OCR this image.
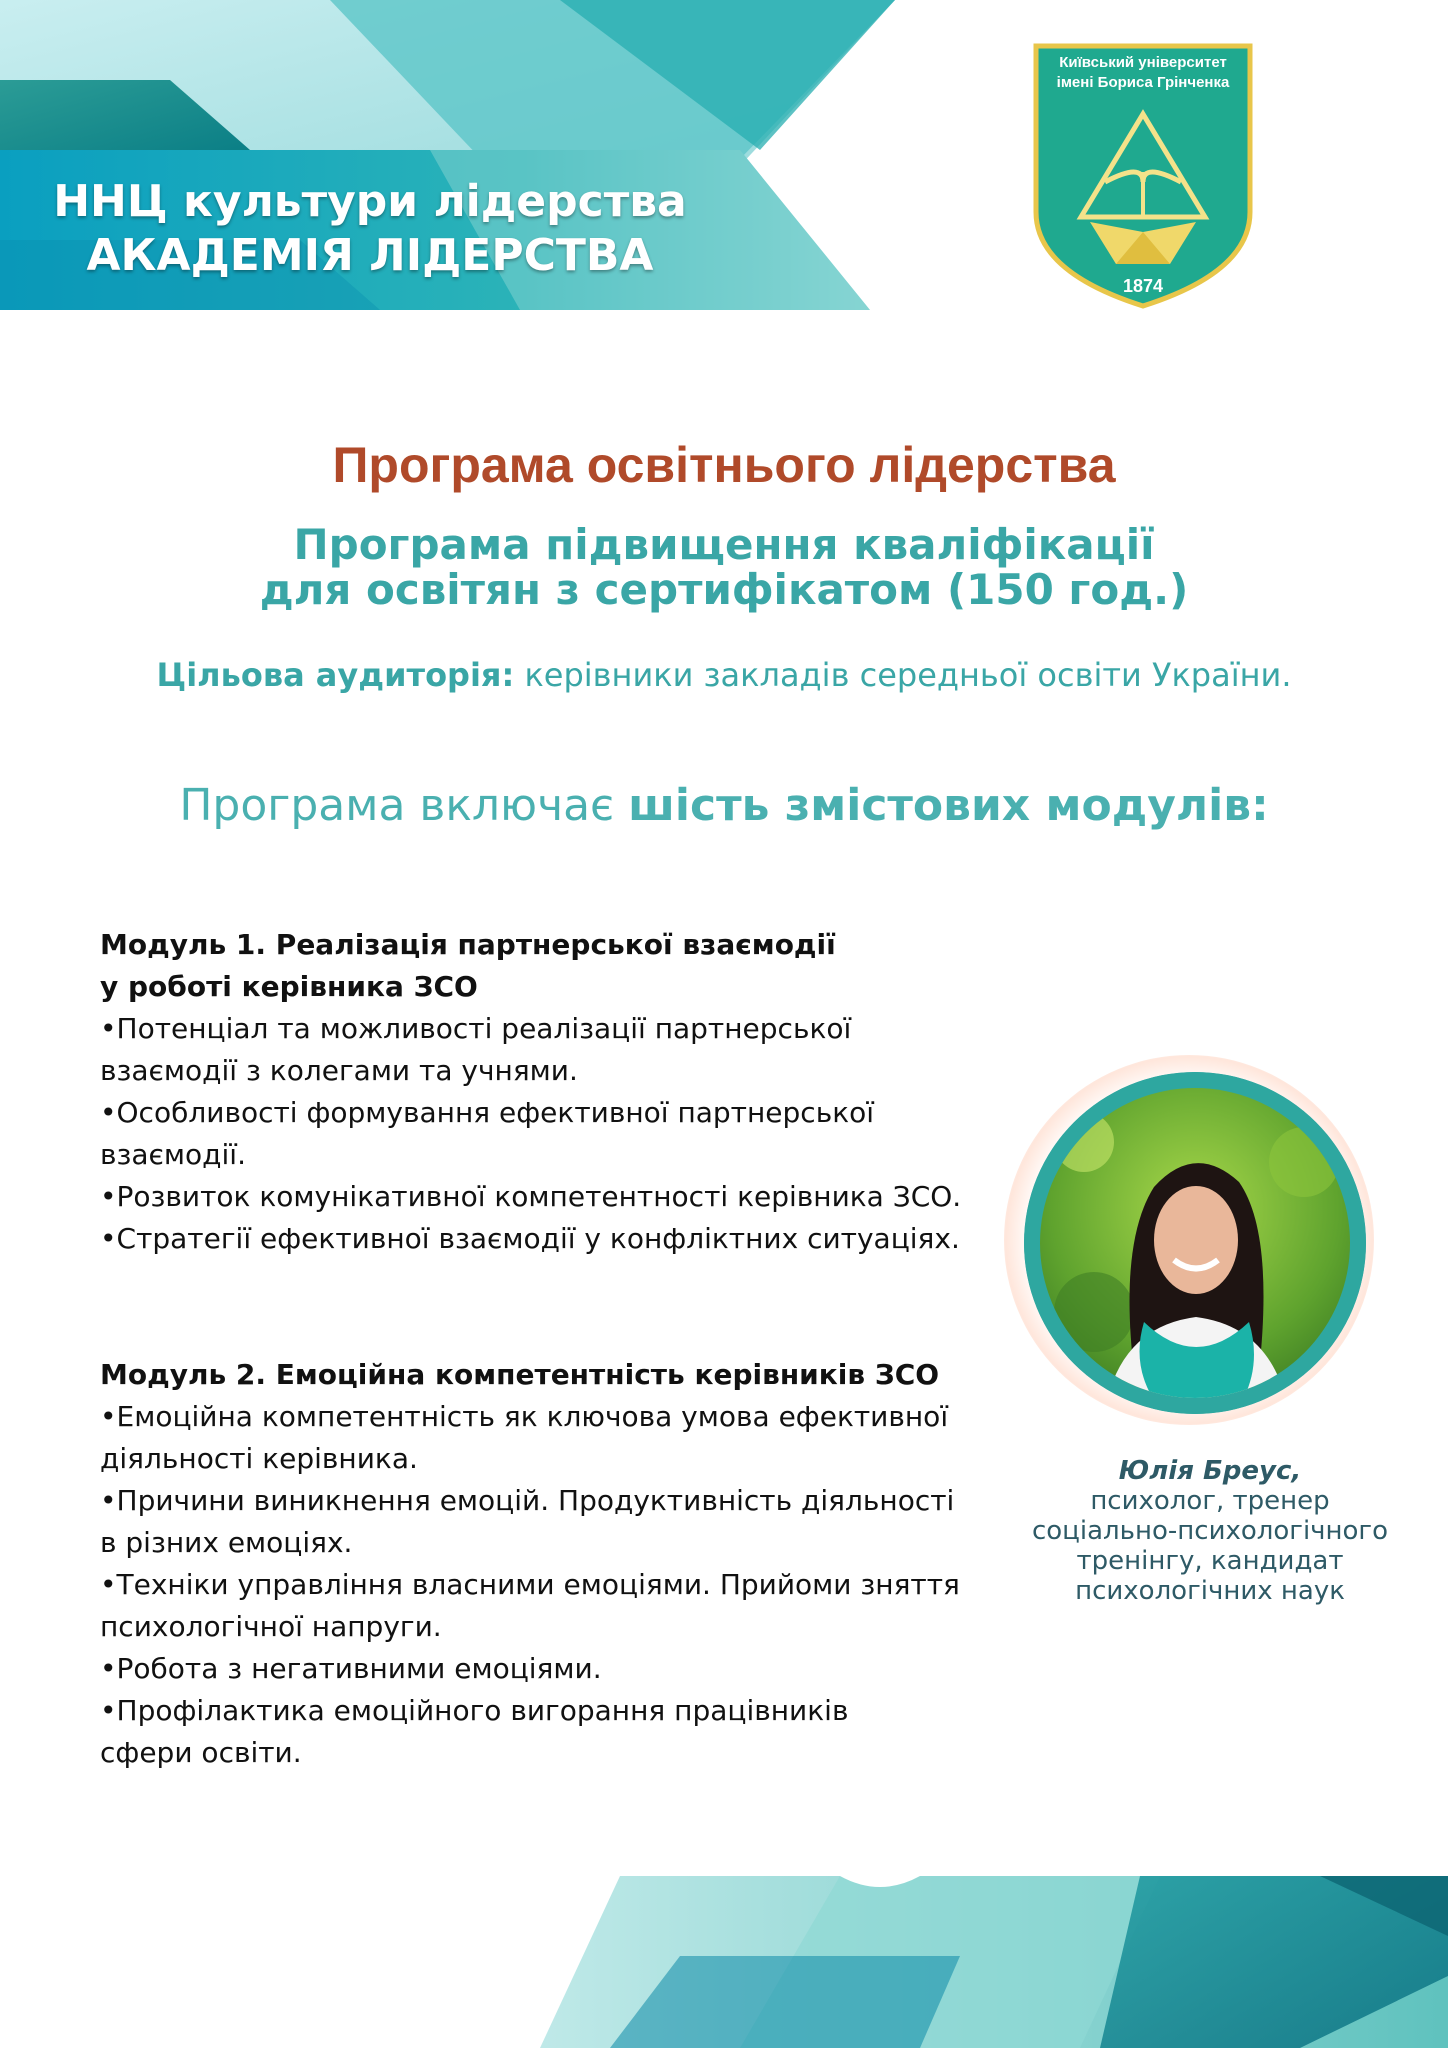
ННЦ культури лідерства
АКАДЕМІЯ ЛІДЕРСТВА
Київський університет
імені Бориса Грінченка
1874
Програма освітнього лідерства
Програма підвищення кваліфікації
для освітян з сертифікатом (150 год.)
Цільова аудиторія: керівники закладів середньої освіти України.
Програма включає шість змістових модулів:
Модуль 1. Реалізація партнерської взаємодії
у роботі керівника ЗСО
•Потенціал та можливості реалізації партнерської
взаємодії з колегами та учнями.
•Особливості формування ефективної партнерської
взаємодії.
•Розвиток комунікативної компетентності керівника ЗСО.
•Стратегії ефективної взаємодії у конфліктних ситуаціях.
Модуль 2. Емоційна компетентність керівників ЗСО
•Емоційна компетентність як ключова умова ефективної
діяльності керівника.
•Причини виникнення емоцій. Продуктивність діяльності
в різних емоціях.
•Техніки управління власними емоціями. Прийоми зняття
психологічної напруги.
•Робота з негативними емоціями.
•Профілактика емоційного вигорання працівників
сфери освіти.
Юлія Бреус,
психолог, тренер
соціально-психологічного
тренінгу, кандидат
психологічних наук
